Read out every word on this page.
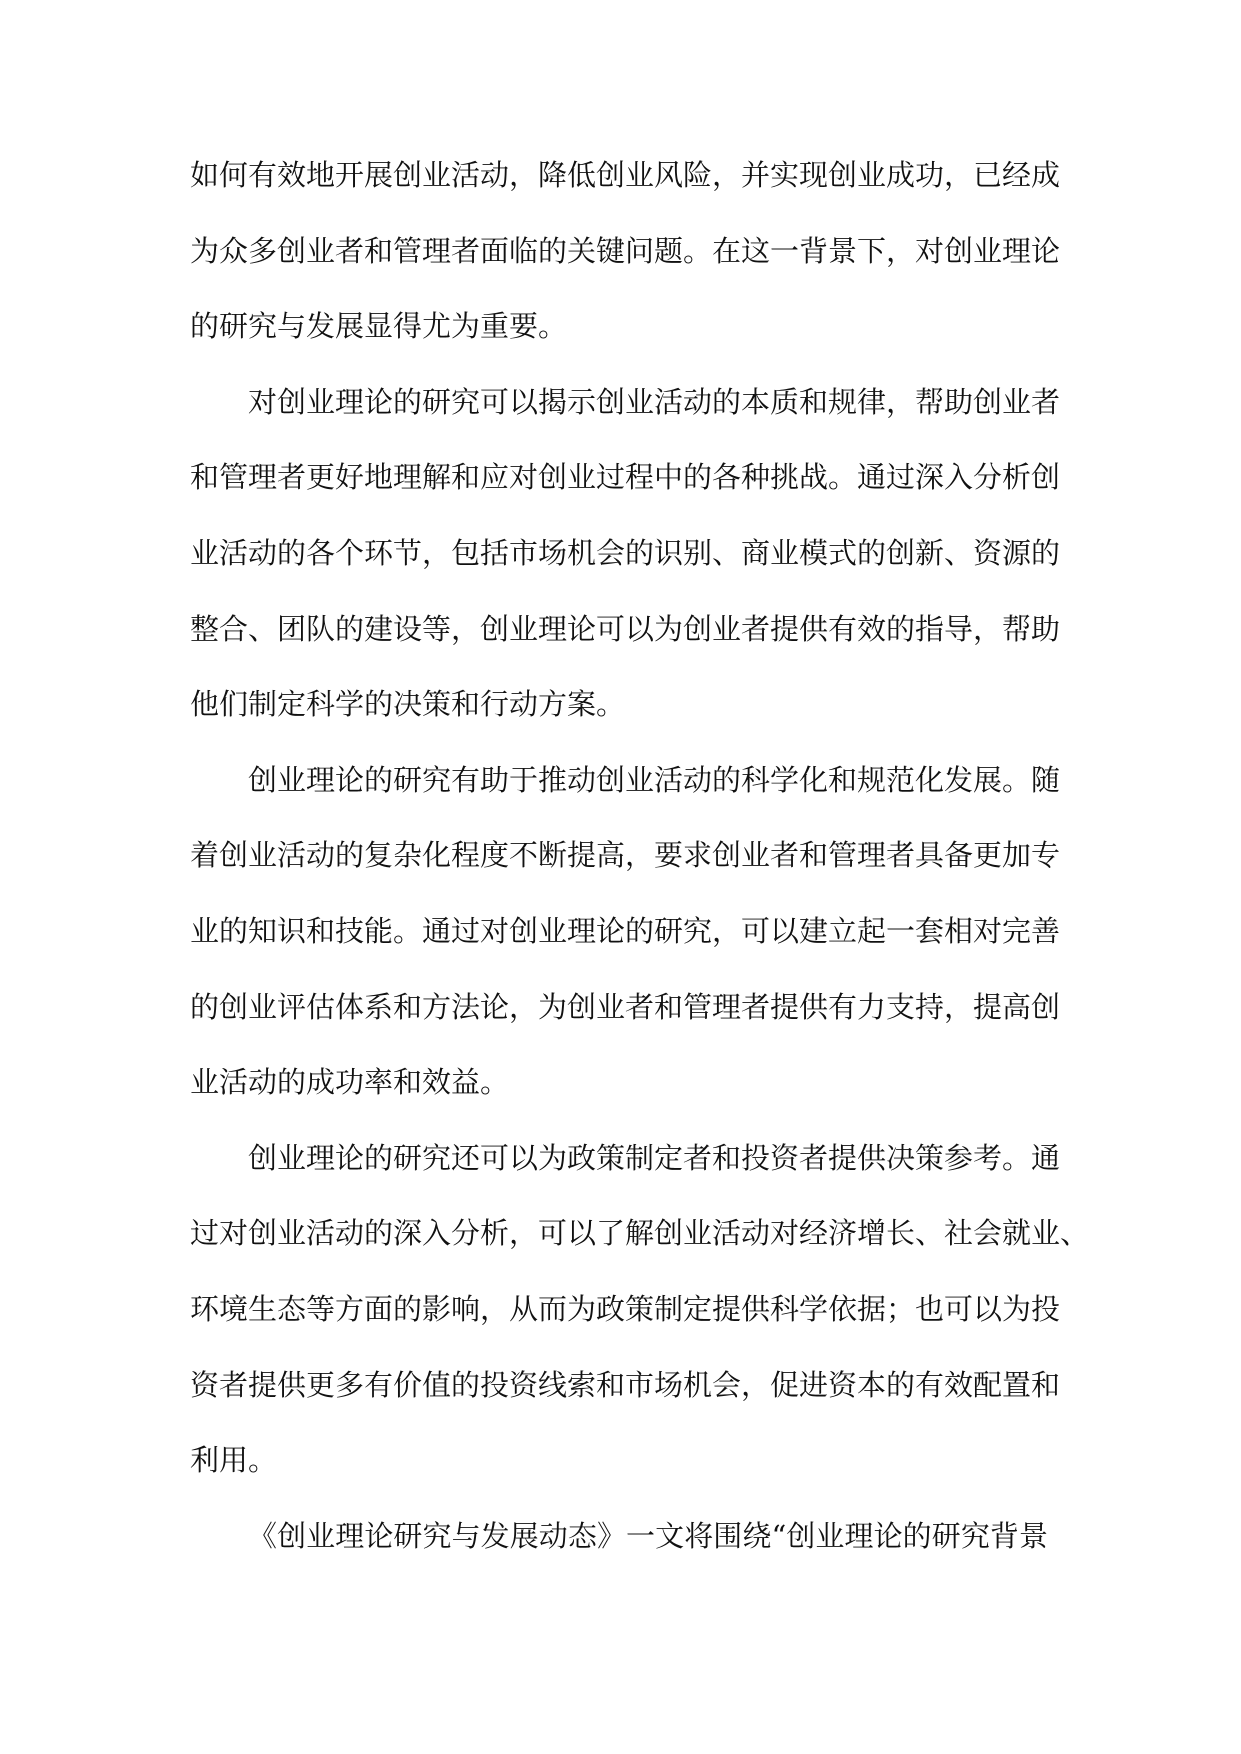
如何有效地开展创业活动，降低创业风险，并实现创业成功，已经成
为众多创业者和管理者面临的关键问题。在这一背景下，对创业理论
的研究与发展显得尤为重要。
对创业理论的研究可以揭示创业活动的本质和规律，帮助创业者
和管理者更好地理解和应对创业过程中的各种挑战。通过深入分析创
业活动的各个环节，包括市场机会的识别、商业模式的创新、资源的
整合、团队的建设等，创业理论可以为创业者提供有效的指导，帮助
他们制定科学的决策和行动方案。
创业理论的研究有助于推动创业活动的科学化和规范化发展。随
着创业活动的复杂化程度不断提高，要求创业者和管理者具备更加专
业的知识和技能。通过对创业理论的研究，可以建立起一套相对完善
的创业评估体系和方法论，为创业者和管理者提供有力支持，提高创
业活动的成功率和效益。
创业理论的研究还可以为政策制定者和投资者提供决策参考。通
过对创业活动的深入分析，可以了解创业活动对经济增长、社会就业、
环境生态等方面的影响，从而为政策制定提供科学依据；也可以为投
资者提供更多有价值的投资线索和市场机会，促进资本的有效配置和
利用。
《创业理论研究与发展动态》一文将围绕“创业理论的研究背景
